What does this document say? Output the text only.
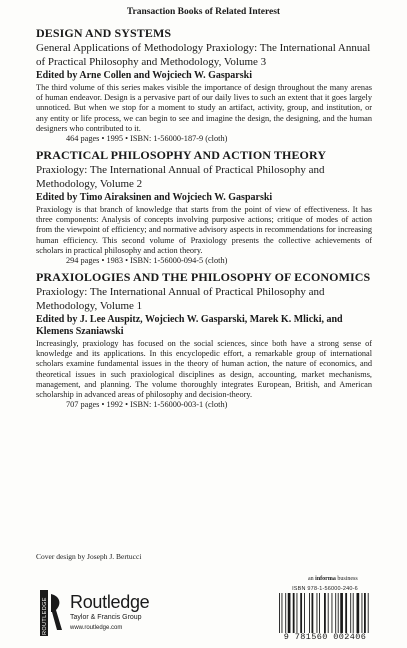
Transaction Books of Related Interest
DESIGN AND SYSTEMS
General Applications of Methodology Praxiology: The International Annual of Practical Philosophy and Methodology, Volume 3
Edited by Arne Collen and Wojciech W. Gasparski
The third volume of this series makes visible the importance of design throughout the many arenas of human endeavor. Design is a pervasive part of our daily lives to such an extent that it goes largely unnoticed. But when we stop for a moment to study an artifact, activity, group, and institution, or any entity or life process, we can begin to see and imagine the design, the designing, and the human designers who contributed to it.
464 pages • 1995 • ISBN: 1-56000-187-9 (cloth)
PRACTICAL PHILOSOPHY AND ACTION THEORY
Praxiology: The International Annual of Practical Philosophy and Methodology, Volume 2
Edited by Timo Airaksinen and Wojciech W. Gasparski
Praxiology is that branch of knowledge that starts from the point of view of effectiveness. It has three components: Analysis of concepts involving purposive actions; critique of modes of action from the viewpoint of efficiency; and normative advisory aspects in recommendations for increasing human efficiency. This second volume of Praxiology presents the collective achievements of scholars in practical philosophy and action theory.
294 pages • 1983 • ISBN: 1-56000-094-5 (cloth)
PRAXIOLOGIES AND THE PHILOSOPHY OF ECONOMICS
Praxiology: The International Annual of Practical Philosophy and Methodology, Volume 1
Edited by J. Lee Auspitz, Wojciech W. Gasparski, Marek K. Mlicki, and Klemens Szaniawski
Increasingly, praxiology has focused on the social sciences, since both have a strong sense of knowledge and its applications. In this encyclopedic effort, a remarkable group of international scholars examine fundamental issues in the theory of human action, the nature of economics, and theoretical issues in such praxiological disciplines as design, accounting, market mechanisms, management, and planning. The volume thoroughly integrates European, British, and American scholarship in advanced areas of philosophy and decision-theory.
707 pages • 1992 • ISBN: 1-56000-003-1 (cloth)
Cover design by Joseph J. Bertucci
an informa business
ISBN 978-1-56000-240-6
9 781560 002406
ROUTLEDGE Routledge
Taylor & Francis Group
www.routledge.com
